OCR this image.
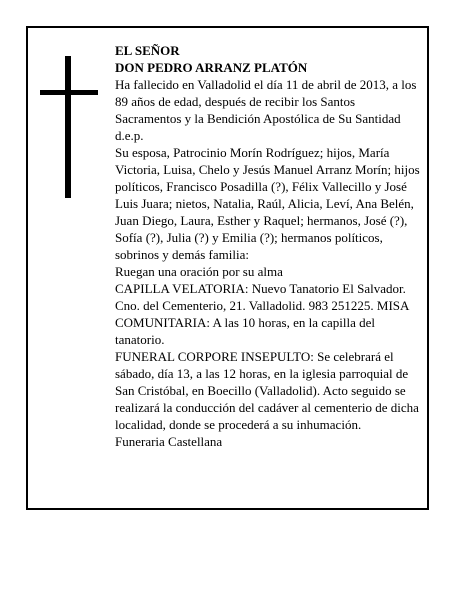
EL SEÑOR

DON PEDRO ARRANZ PLATÓN

Ha fallecido en Valladolid el día 11 de abril de 2013, a los 89 años de edad, después de recibir los Santos Sacramentos y la Bendición Apostólica de Su Santidad d.e.p.

Su esposa, Patrocinio Morín Rodríguez; hijos, María Victoria, Luisa, Chelo y Jesús Manuel Arranz Morín; hijos políticos, Francisco Posadilla (?), Félix Vallecillo y José Luis Juara; nietos, Natalia, Raúl, Alicia, Leví, Ana Belén, Juan Diego, Laura, Esther y Raquel; hermanos, José (?), Sofía (?), Julia (?) y Emilia (?); hermanos políticos, sobrinos y demás familia:

Ruegan una oración por su alma

CAPILLA VELATORIA: Nuevo Tanatorio El Salvador. Cno. del Cementerio, 21. Valladolid. 983 251225. MISA COMUNITARIA: A las 10 horas, en la capilla del tanatorio.

FUNERAL CORPORE INSEPULTO: Se celebrará el sábado, día 13, a las 12 horas, en la iglesia parroquial de San Cristóbal, en Boecillo (Valladolid). Acto seguido se realizará la conducción del cadáver al cementerio de dicha localidad, donde se procederá a su inhumación.

Funeraria Castellana
